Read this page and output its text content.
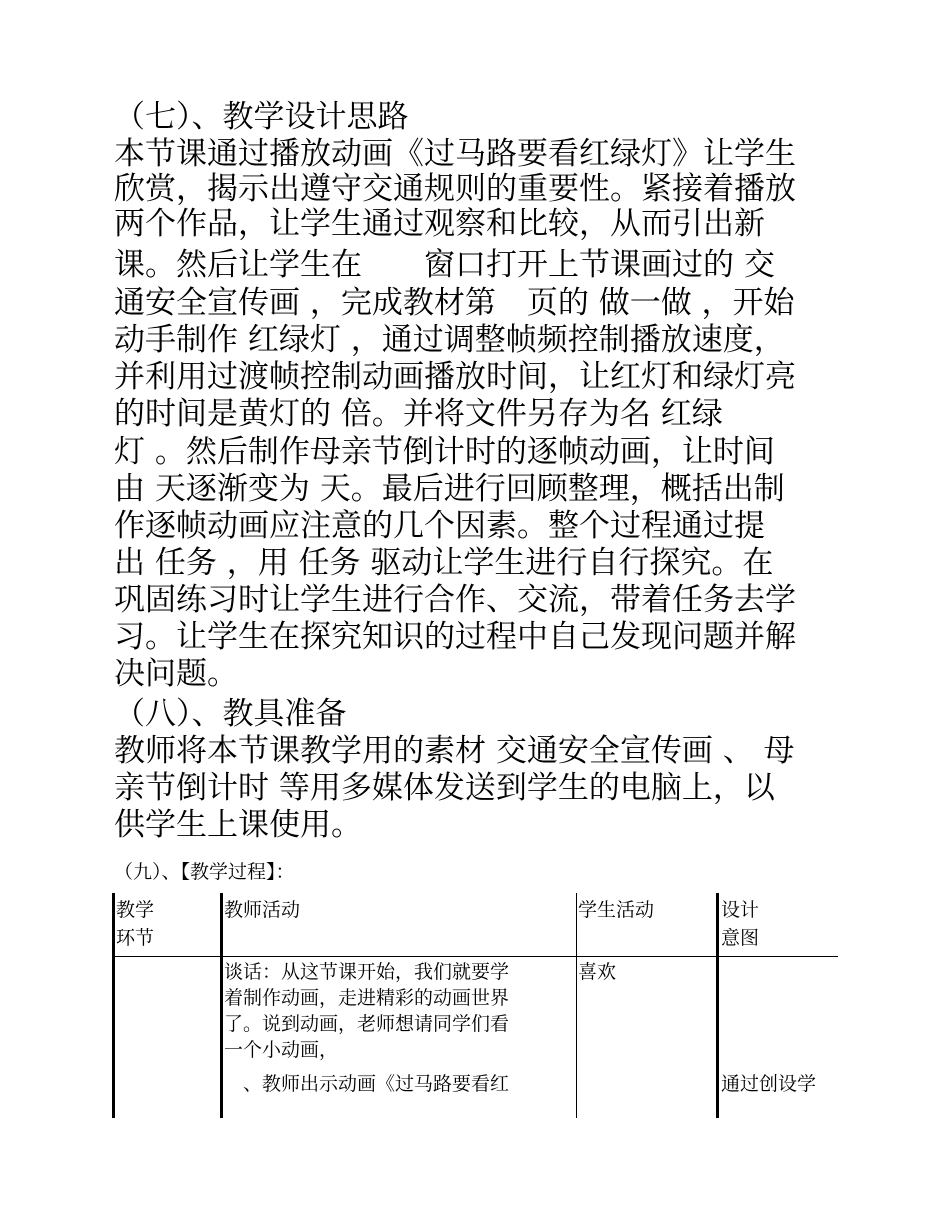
（七）、教学设计思路
本节课通过播放动画《过马路要看红绿灯》让学生
欣赏，揭示出遵守交通规则的重要性。紧接着播放
两个作品，让学生通过观察和比较，从而引出新
课。然后让学生在　　窗口打开上节课画过的 交
通安全宣传画 ，完成教材第　页的 做一做 ，开始
动手制作 红绿灯 ，通过调整帧频控制播放速度，
并利用过渡帧控制动画播放时间，让红灯和绿灯亮
的时间是黄灯的 倍。并将文件另存为名 红绿
灯 。然后制作母亲节倒计时的逐帧动画，让时间
由 天逐渐变为 天。最后进行回顾整理，概括出制
作逐帧动画应注意的几个因素。整个过程通过提
出 任务 ，用 任务 驱动让学生进行自行探究。在
巩固练习时让学生进行合作、交流，带着任务去学
习。让学生在探究知识的过程中自己发现问题并解
决问题。
（八）、教具准备
教师将本节课教学用的素材 交通安全宣传画 、 母
亲节倒计时 等用多媒体发送到学生的电脑上，以
供学生上课使用。
（九）、【教学过程】：
教学
环节
教师活动	学生活动	设计
意图
谈话：从这节课开始，我们就要学
着制作动画，走进精彩的动画世界
了。说到动画，老师想请同学们看
一个小动画，
　、教师出示动画《过马路要看红
喜欢
通过创设学
